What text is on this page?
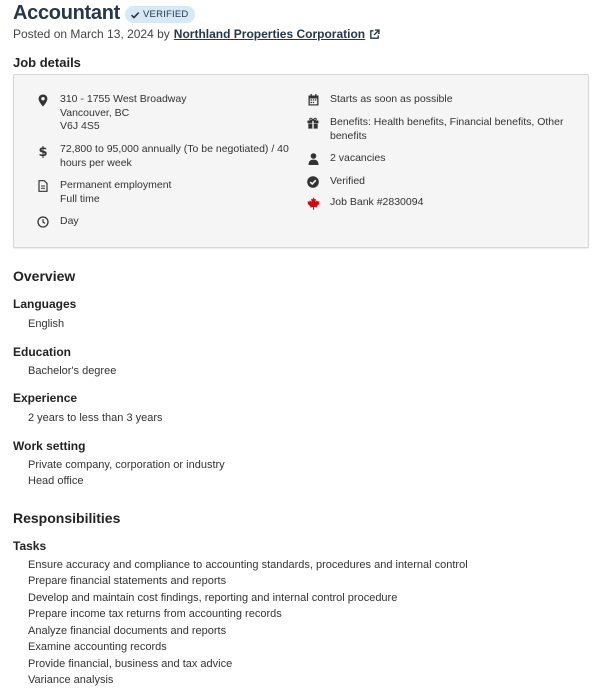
Accountant VERIFIED
Posted on March 13, 2024 by Northland Properties Corporation
Job details
310 - 1755 West Broadway
Vancouver, BC
V6J 4S5
$ 72,800 to 95,000 annually (To be negotiated) / 40
hours per week
Permanent employment
Full time
Day
Starts as soon as possible
Benefits: Health benefits, Financial benefits, Other
benefits
2 vacancies
Verified
Job Bank #2830094
Overview
Languages
English
Education
Bachelor's degree
Experience
2 years to less than 3 years
Work setting
Private company, corporation or industry
Head office
Responsibilities
Tasks
Ensure accuracy and compliance to accounting standards, procedures and internal control
Prepare financial statements and reports
Develop and maintain cost findings, reporting and internal control procedure
Prepare income tax returns from accounting records
Analyze financial documents and reports
Examine accounting records
Provide financial, business and tax advice
Variance analysis
